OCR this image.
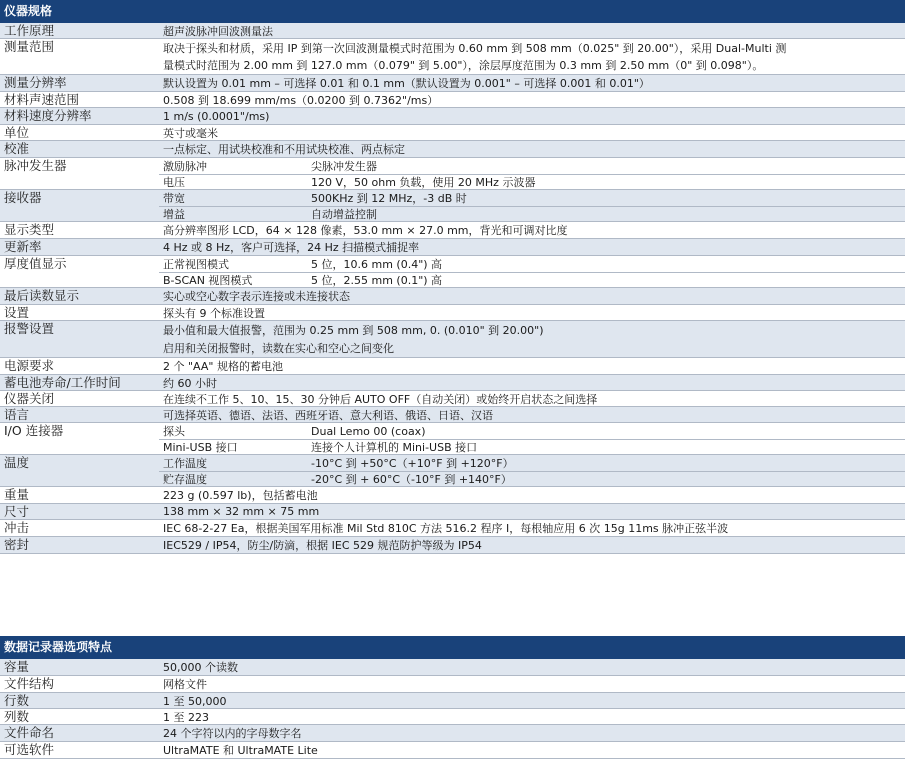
仪器规格
工作原理	超声波脉冲回波测量法
测量范围	取决于探头和材质，采用 IP 到第一次回波测量模式时范围为 0.60 mm 到 508 mm（0.025" 到 20.00"），采用 Dual-Multi 测
量模式时范围为 2.00 mm 到 127.0 mm（0.079" 到 5.00"），涂层厚度范围为 0.3 mm 到 2.50 mm（0" 到 0.098"）。
测量分辨率	默认设置为 0.01 mm – 可选择 0.01 和 0.1 mm（默认设置为 0.001" – 可选择 0.001 和 0.01"）
材料声速范围	0.508 到 18.699 mm/ms（0.0200 到 0.7362"/ms）
材料速度分辨率	1 m/s (0.0001"/ms)
单位	英寸或毫米
校准	一点标定、用试块校准和不用试块校准、两点标定
脉冲发生器	激励脉冲	尖脉冲发生器
电压	120 V，50 ohm 负载，使用 20 MHz 示波器
接收器	带宽	500KHz 到 12 MHz，-3 dB 时
增益	自动增益控制
显示类型	高分辨率图形 LCD，64 × 128 像素，53.0 mm × 27.0 mm，背光和可调对比度
更新率	4 Hz 或 8 Hz，客户可选择，24 Hz 扫描模式捕捉率
厚度值显示	正常视图模式	5 位，10.6 mm (0.4") 高
B-SCAN 视图模式	5 位，2.55 mm (0.1") 高
最后读数显示	实心或空心数字表示连接或未连接状态
设置	探头有 9 个标准设置
报警设置	最小值和最大值报警，范围为 0.25 mm 到 508 mm, 0. (0.010" 到 20.00")
启用和关闭报警时，读数在实心和空心之间变化
电源要求	2 个 "AA" 规格的蓄电池
蓄电池寿命/工作时间	约 60 小时
仪器关闭	在连续不工作 5、10、15、30 分钟后 AUTO OFF（自动关闭）或始终开启状态之间选择
语言	可选择英语、德语、法语、西班牙语、意大利语、俄语、日语、汉语
I/O 连接器	探头	Dual Lemo 00 (coax)
Mini-USB 接口	连接个人计算机的 Mini-USB 接口
温度	工作温度	-10°C 到 +50°C（+10°F 到 +120°F）
贮存温度	-20°C 到 + 60°C（-10°F 到 +140°F）
重量	223 g (0.597 lb)，包括蓄电池
尺寸	138 mm × 32 mm × 75 mm
冲击	IEC 68-2-27 Ea，根据美国军用标准 Mil Std 810C 方法 516.2 程序 I，每根轴应用 6 次 15g 11ms 脉冲正弦半波
密封	IEC529 / IP54，防尘/防滴，根据 IEC 529 规范防护等级为 IP54
数据记录器选项特点
容量	50,000 个读数
文件结构	网格文件
行数	1 至 50,000
列数	1 至 223
文件命名	24 个字符以内的字母数字名
可选软件	UltraMATE 和 UltraMATE Lite
